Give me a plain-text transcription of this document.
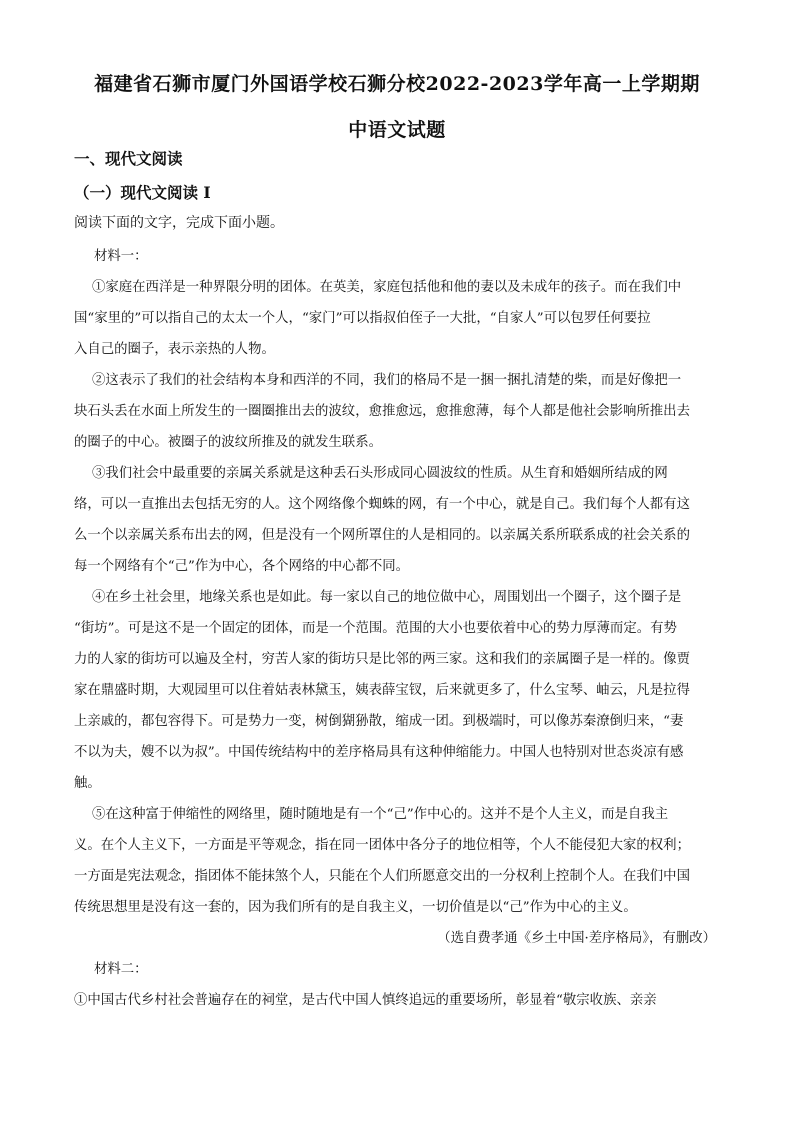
福建省石狮市厦门外国语学校石狮分校2022-2023学年高一上学期期
中语文试题
一、现代文阅读
（一）现代文阅读 I
阅读下面的文字，完成下面小题。
材料一：
①家庭在西洋是一种界限分明的团体。在英美，家庭包括他和他的妻以及未成年的孩子。而在我们中
国“家里的”可以指自己的太太一个人，“家门”可以指叔伯侄子一大批，“自家人”可以包罗任何要拉
入自己的圈子，表示亲热的人物。
②这表示了我们的社会结构本身和西洋的不同，我们的格局不是一捆一捆扎清楚的柴，而是好像把一
块石头丢在水面上所发生的一圈圈推出去的波纹，愈推愈远，愈推愈薄，每个人都是他社会影响所推出去
的圈子的中心。被圈子的波纹所推及的就发生联系。
③我们社会中最重要的亲属关系就是这种丢石头形成同心圆波纹的性质。从生育和婚姻所结成的网
络，可以一直推出去包括无穷的人。这个网络像个蜘蛛的网，有一个中心，就是自己。我们每个人都有这
么一个以亲属关系布出去的网，但是没有一个网所罩住的人是相同的。以亲属关系所联系成的社会关系的
每一个网络有个“己”作为中心，各个网络的中心都不同。
④在乡土社会里，地缘关系也是如此。每一家以自己的地位做中心，周围划出一个圈子，这个圈子是
“街坊”。可是这不是一个固定的团体，而是一个范围。范围的大小也要依着中心的势力厚薄而定。有势
力的人家的街坊可以遍及全村，穷苦人家的街坊只是比邻的两三家。这和我们的亲属圈子是一样的。像贾
家在鼎盛时期，大观园里可以住着姑表林黛玉，姨表薛宝钗，后来就更多了，什么宝琴、岫云，凡是拉得
上亲戚的，都包容得下。可是势力一变，树倒猢狲散，缩成一团。到极端时，可以像苏秦潦倒归来，“妻
不以为夫，嫂不以为叔”。中国传统结构中的差序格局具有这种伸缩能力。中国人也特别对世态炎凉有感
触。
⑤在这种富于伸缩性的网络里，随时随地是有一个“己”作中心的。这并不是个人主义，而是自我主
义。在个人主义下，一方面是平等观念，指在同一团体中各分子的地位相等，个人不能侵犯大家的权利；
一方面是宪法观念，指团体不能抹煞个人，只能在个人们所愿意交出的一分权利上控制个人。在我们中国
传统思想里是没有这一套的，因为我们所有的是自我主义，一切价值是以“己”作为中心的主义。
（选自费孝通《乡土中国·差序格局》，有删改）
材料二：
①中国古代乡村社会普遍存在的祠堂，是古代中国人慎终追远的重要场所，彰显着“敬宗收族、亲亲
